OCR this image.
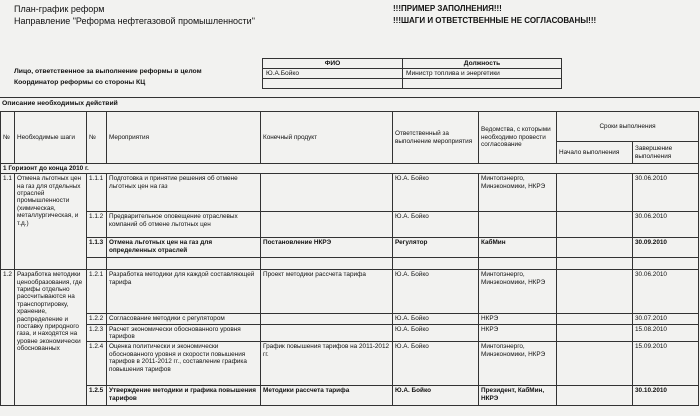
План-график реформ
Направление "Реформа нефтегазовой промышленности"
!!!ПРИМЕР ЗАПОЛНЕНИЯ!!!
!!!ШАГИ И ОТВЕТСТВЕННЫЕ НЕ СОГЛАСОВАНЫ!!!
ФИО	Должность
Ю.А.Бойко	Министр топлива и энергетики

Лицо, ответственное за выполнение реформы в целом
Координатор реформы со стороны КЦ
Описание необходимых действий
№	Необходимые шаги	№	Мероприятия	Конечный продукт	Ответственный за выполнение мероприятия	Ведомства, с которыми необходимо провести согласование	Сроки выполнения	
							Начало выполнения	Завершение выполнения
1 Горизонт до конца 2010 г.								
1.1	Отмена льготных цен на газ для отдельных отраслей промышленности (химическая, металлургическая, и т.д.)	1.1.1	Подготовка и принятие решения об отмене льготных цен на газ		Ю.А. Бойко	Минтопэнерго, Минэкономики, НКРЭ		30.06.2010
		1.1.2	Предварительное оповещение отраслевых компаний об отмене льготных цен		Ю.А. Бойко			30.06.2010
		1.1.3	Отмена льготных цен на газ для определенных отраслей	Постановление НКРЭ	Регулятор	КабМин		30.09.2010

1.2	Разработка методики ценообразования, где тарифы отдельно рассчитываются на транспортировку, хранение, распределение и поставку природного газа, и находятся на уровне экономически обоснованных	1.2.1	Разработка методики для каждой составляющей тарифа	Проект методики рассчета тарифа	Ю.А. Бойко	Минтопэнерго, Минэкономики, НКРЭ		30.06.2010
		1.2.2	Согласование методики с регулятором		Ю.А. Бойко	НКРЭ		30.07.2010
		1.2.3	Расчет экономически обоснованного уровня тарифов		Ю.А. Бойко	НКРЭ		15.08.2010
		1.2.4	Оценка политически и экономически обоснованного уровня и скорости повышения тарифов в 2011-2012 гг., составление графика повышения тарифов	График повышения тарифов на 2011-2012 гг.	Ю.А. Бойко	Минтопэнерго, Минэкономики, НКРЭ		15.09.2010
		1.2.5	Утверждение методики и графика повышения тарифов	Методики рассчета тарифа	Ю.А. Бойко	Президент, КабМин, НКРЭ		30.10.2010
